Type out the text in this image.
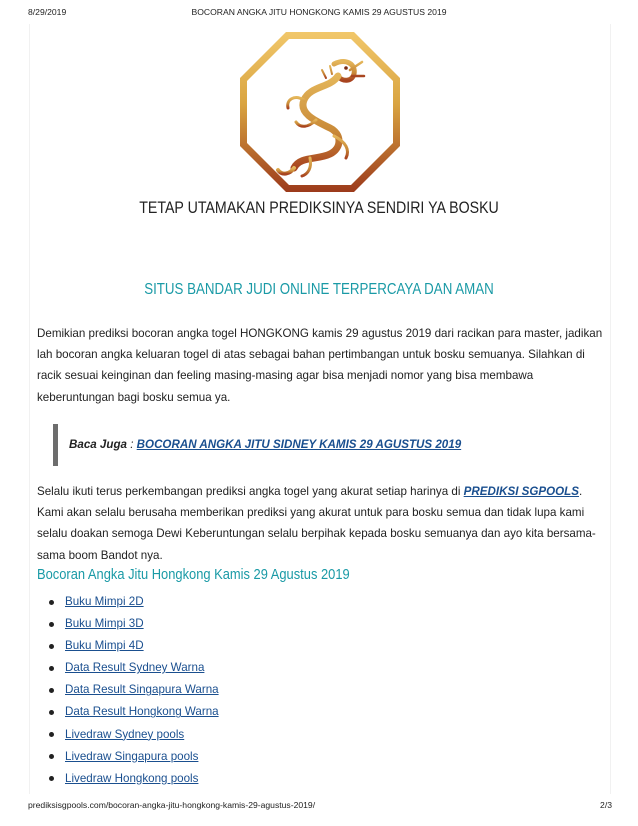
8/29/2019	BOCORAN ANGKA JITU HONGKONG KAMIS 29 AGUSTUS 2019
TETAP UTAMAKAN PREDIKSINYA SENDIRI YA BOSKU
SITUS BANDAR JUDI ONLINE TERPERCAYA DAN AMAN

Demikian prediksi bocoran angka togel HONGKONG kamis 29 agustus 2019 dari racikan para master, jadikan lah bocoran angka keluaran togel di atas sebagai bahan pertimbangan untuk bosku semuanya. Silahkan di racik sesuai keinginan dan feeling masing-masing agar bisa menjadi nomor yang bisa membawa keberuntungan bagi bosku semua ya.

Baca Juga : BOCORAN ANGKA JITU SIDNEY KAMIS 29 AGUSTUS 2019

Selalu ikuti terus perkembangan prediksi angka togel yang akurat setiap harinya di PREDIKSI SGPOOLS. Kami akan selalu berusaha memberikan prediksi yang akurat untuk para bosku semua dan tidak lupa kami selalu doakan semoga Dewi Keberuntungan selalu berpihak kepada bosku semuanya dan ayo kita bersama-sama boom Bandot nya.

Bocoran Angka Jitu Hongkong Kamis 29 Agustus 2019
Buku Mimpi 2D
Buku Mimpi 3D
Buku Mimpi 4D
Data Result Sydney Warna
Data Result Singapura Warna
Data Result Hongkong Warna
Livedraw Sydney pools
Livedraw Singapura pools
Livedraw Hongkong pools
prediksisgpools.com/bocoran-angka-jitu-hongkong-kamis-29-agustus-2019/	2/3
